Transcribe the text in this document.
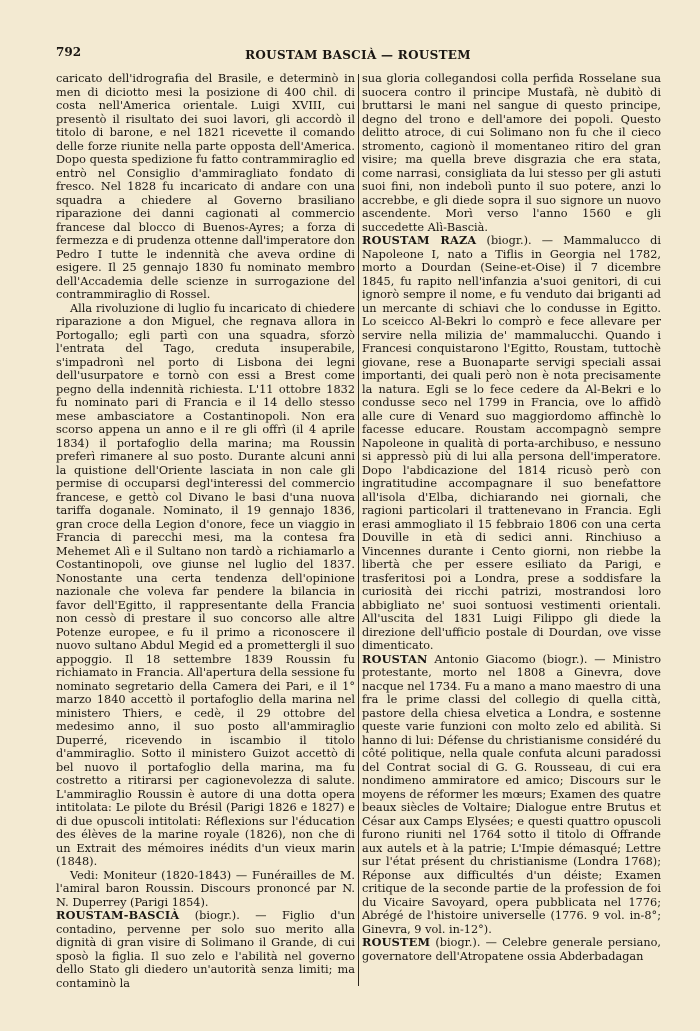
792	ROUSTAM BASCIÀ — ROUSTEM

caricato dell'idrografia del Brasile, e determinò in men di diciotto mesi la posizione di 400 chil. di costa nell'America orientale. Luigi XVIII, cui presentò il risultato dei suoi lavori, gli accordò il titolo di barone, e nel 1821 ricevette il comando delle forze riunite nella parte opposta dell'America. Dopo questa spedizione fu fatto contrammiraglio ed entrò nel Consiglio d'ammiragliato fondato di fresco. Nel 1828 fu incaricato di andare con una squadra a chiedere al Governo brasiliano riparazione dei danni cagionati al commercio francese dal blocco di Buenos-Ayres; a forza di fermezza e di prudenza ottenne dall'imperatore don Pedro I tutte le indennità che aveva ordine di esigere. Il 25 gennajo 1830 fu nominato membro dell'Accademia delle scienze in surrogazione del contrammiraglio di Rossel.

Alla rivoluzione di luglio fu incaricato di chiedere riparazione a don Miguel, che regnava allora in Portogallo; egli partì con una squadra, sforzò l'entrata del Tago, creduta insuperabile, s'impadronì nel porto di Lisbona dei legni dell'usurpatore e tornò con essi a Brest come pegno della indennità richiesta. L'11 ottobre 1832 fu nominato pari di Francia e il 14 dello stesso mese ambasciatore a Costantinopoli. Non era scorso appena un anno e il re gli offrì (il 4 aprile 1834) il portafoglio della marina; ma Roussin preferì rimanere al suo posto. Durante alcuni anni la quistione dell'Oriente lasciata in non cale gli permise di occuparsi degl'interessi del commercio francese, e gettò col Divano le basi d'una nuova tariffa doganale. Nominato, il 19 gennajo 1836, gran croce della Legion d'onore, fece un viaggio in Francia di parecchi mesi, ma la contesa fra Mehemet Alì e il Sultano non tardò a richiamarlo a Costantinopoli, ove giunse nel luglio del 1837. Nonostante una certa tendenza dell'opinione nazionale che voleva far pendere la bilancia in favor dell'Egitto, il rappresentante della Francia non cessò di prestare il suo concorso alle altre Potenze europee, e fu il primo a riconoscere il nuovo sultano Abdul Megid ed a promettergli il suo appoggio. Il 18 settembre 1839 Roussin fu richiamato in Francia. All'apertura della sessione fu nominato segretario della Camera dei Pari, e il 1° marzo 1840 accettò il portafoglio della marina nel ministero Thiers, e cedè, il 29 ottobre del medesimo anno, il suo posto all'ammiraglio Duperré, ricevendo in iscambio il titolo d'ammiraglio. Sotto il ministero Guizot accettò di bel nuovo il portafoglio della marina, ma fu costretto a ritirarsi per cagionevolezza di salute. L'ammiraglio Roussin è autore di una dotta opera intitolata: Le pilote du Brésil (Parigi 1826 e 1827) e di due opuscoli intitolati: Réflexions sur l'éducation des élèves de la marine royale (1826), non che di un Extrait des mémoires inédits d'un vieux marin (1848).

Vedi: Moniteur (1820-1843) — Funérailles de M. l'amiral baron Roussin. Discours prononcé par N. N. Duperrey (Parigi 1854).

ROUSTAM-BASCIÀ (biogr.). — Figlio d'un contadino, pervenne per solo suo merito alla dignità di gran visire di Solimano il Grande, di cui sposò la figlia. Il suo zelo e l'abilità nel governo dello Stato gli diedero un'autorità senza limiti; ma contaminò la

sua gloria collegandosi colla perfida Rosselane sua suocera contro il principe Mustafà, nè dubitò di bruttarsi le mani nel sangue di questo principe, degno del trono e dell'amore dei popoli. Questo delitto atroce, di cui Solimano non fu che il cieco stromento, cagionò il momentaneo ritiro del gran visire; ma quella breve disgrazia che era stata, come narrasi, consigliata da lui stesso per gli astuti suoi fini, non indebolì punto il suo potere, anzi lo accrebbe, e gli diede sopra il suo signore un nuovo ascendente. Morì verso l'anno 1560 e gli succedette Alì-Bascià.

ROUSTAM RAZA (biogr.). — Mammalucco di Napoleone I, nato a Tiflis in Georgia nel 1782, morto a Dourdan (Seine-et-Oise) il 7 dicembre 1845, fu rapito nell'infanzia a'suoi genitori, di cui ignorò sempre il nome, e fu venduto dai briganti ad un mercante di schiavi che lo condusse in Egitto. Lo sceicco Al-Bekri lo comprò e fece allevare per servire nella milizia de' mammalucchi. Quando i Francesi conquistarono l'Egitto, Roustam, tuttochè giovane, rese a Buonaparte servigi speciali assai importanti, dei quali però non è nota precisamente la natura. Egli se lo fece cedere da Al-Bekri e lo condusse seco nel 1799 in Francia, ove lo affidò alle cure di Venard suo maggiordomo affinchè lo facesse educare. Roustam accompagnò sempre Napoleone in qualità di porta-archibuso, e nessuno si appressò più di lui alla persona dell'imperatore. Dopo l'abdicazione del 1814 ricusò però con ingratitudine accompagnare il suo benefattore all'isola d'Elba, dichiarando nei giornali, che ragioni particolari il trattenevano in Francia. Egli erasi ammogliato il 15 febbraio 1806 con una certa Douville in età di sedici anni. Rinchiuso a Vincennes durante i Cento giorni, non riebbe la libertà che per essere esiliato da Parigi, e trasferitosi poi a Londra, prese a soddisfare la curiosità dei ricchi patrizi, mostrandosi loro abbigliato ne' suoi sontuosi vestimenti orientali. All'uscita del 1831 Luigi Filippo gli diede la direzione dell'ufficio postale di Dourdan, ove visse dimenticato.

ROUSTAN Antonio Giacomo (biogr.). — Ministro protestante, morto nel 1808 a Ginevra, dove nacque nel 1734. Fu a mano a mano maestro di una fra le prime classi del collegio di quella città, pastore della chiesa elvetica a Londra, e sostenne queste varie funzioni con molto zelo ed abilità. Si hanno di lui: Défense du christianisme considéré du côté politique, nella quale confuta alcuni paradossi del Contrat social di G. G. Rousseau, di cui era nondimeno ammiratore ed amico; Discours sur le moyens de réformer les mœurs; Examen des quatre beaux siècles de Voltaire; Dialogue entre Brutus et César aux Camps Elysées; e questi quattro opuscoli furono riuniti nel 1764 sotto il titolo di Offrande aux autels et à la patrie; L'Impie démasqué; Lettre sur l'état présent du christianisme (Londra 1768); Réponse aux difficultés d'un déiste; Examen critique de la seconde partie de la profession de foi du Vicaire Savoyard, opera pubblicata nel 1776; Abrégé de l'histoire universelle (1776. 9 vol. in-8°; Ginevra, 9 vol. in-12°).

ROUSTEM (biogr.). — Celebre generale persiano, governatore dell'Atropatene ossia Abderbadagan
